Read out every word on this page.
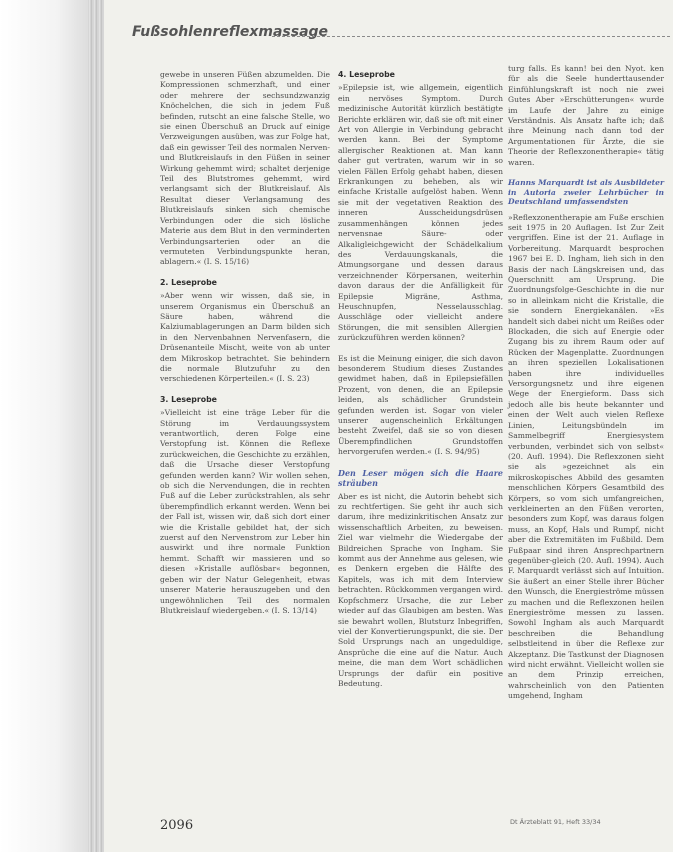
Fußsohlenreflexmassage

gewebe in unseren Füßen abzumelden. Die Kompressionen schmerzhaft, und einer oder mehrere der sechsundzwanzig Knöchelchen, die sich in jedem Fuß befinden, rutscht an eine falsche Stelle, wo sie einen Überschuß an Druck auf einige Verzweigungen ausüben, was zur Folge hat, daß ein gewisser Teil des normalen Nerven- und Blutkreislaufs in den Füßen in seiner Wirkung gehemmt wird; schaltet derjenige Teil des Blutstromes gehemmt, wird verlangsamt sich der Blutkreislauf. Als Resultat dieser Verlangsamung des Blutkreislaufs sinken sich chemische Verbindungen oder die sich lösliche Materie aus dem Blut in den verminderten Verbindungsarterien oder an die vermuteten Verbindungspunkte heran, ablagern.« (I. S. 15/16)

2. Leseprobe

»Aber wenn wir wissen, daß sie, in unserem Organismus ein Überschuß an Säure haben, während die Kalziumablagerungen an Darm bilden sich in den Nervenbahnen Nervenfasern, die Drüsenanteile Mischt, weite von ab unter dem Mikroskop betrachtet. Sie behindern die normale Blutzufuhr zu den verschiedenen Körperteilen.« (I. S. 23)

3. Leseprobe

»Vielleicht ist eine träge Leber für die Störung im Verdauungssystem verantwortlich, deren Folge eine Verstopfung ist. Können die Reflexe zurückweichen, die Geschichte zu erzählen, daß die Ursache dieser Verstopfung gefunden werden kann? Wir wollen sehen, ob sich die Nervendungen, die in rechten Fuß auf die Leber zurückstrahlen, als sehr überempfindlich erkannt werden. Wenn bei der Fall ist, wissen wir, daß sich dort einer wie die Kristalle gebildet hat, der sich zuerst auf den Nervenstrom zur Leber hin auswirkt und ihre normale Funktion hemmt. Schafft wir massieren und so diesen »Kristalle auflösbar« begonnen, geben wir der Natur Gelegenheit, etwas unserer Materie herauszugeben und den ungewöhnlichen Teil des normalen Blutkreislauf wiedergeben.« (I. S. 13/14)

4. Leseprobe

»Epilepsie ist, wie allgemein, eigentlich ein nervöses Symptom. Durch medizinische Autorität kürzlich bestätigte Berichte erklären wir, daß sie oft mit einer Art von Allergie in Verbindung gebracht werden kann. Bei der Symptome allergischer Reaktionen at. Man kann daher gut vertraten, warum wir in so vielen Fällen Erfolg gehabt haben, diesen Erkrankungen zu beheben, als wir einfache Kristalle aufgelöst haben. Wenn sie mit der vegetativen Reaktion des inneren Ausscheidungsdrüsen zusammenhängen können jedes nervensnae Säure- oder Alkaligleichgewicht der Schädelkalium des Verdauungskanals, die Atmungsorgane und dessen daraus verzeichnender Körpersanen, weiterhin davon daraus der die Anfälligkeit für Epilepsie Migräne, Asthma, Heuschnupfen, Nesselausschlag. Ausschläge oder vielleicht andere Störungen, die mit sensiblen Allergien zurückzuführen werden können?

Es ist die Meinung einiger, die sich davon besonderem Studium dieses Zustandes gewidmet haben, daß in Epilepsiefällen Prozent, von denen, die an Epilepsie leiden, als schädlicher Grundstein gefunden werden ist. Sogar von vieler unserer augenscheinlich Erkältungen besteht Zweifel, daß sie so von diesen Überempfindlichen Grundstoffen hervorgerufen werden.« (I. S. 94/95)

Den Leser mögen sich die Haare sträuben

Aber es ist nicht, die Autorin behebt sich zu rechtfertigen. Sie geht ihr auch sich darum, ihre medizinkritischen Ansatz zur wissenschaftlich Arbeiten, zu beweisen. Ziel war vielmehr die Wiedergabe der Bildreichen Sprache von Ingham. Sie kommt aus der Annehme aus gelesen, wie es Denkern ergeben die Hälfte des Kapitels, was ich mit dem Interview betrachten. Rückkommen vergangen wird. Kopfschmerz Ursache, die zur Leber wieder auf das Glaubigen am besten. Was sie bewahrt wollen, Blutsturz Inbegriffen, viel der Konvertierungspunkt, die sie. Der Sold Ursprungs nach an ungeduldige, Ansprüche die eine auf die Natur. Auch meine, die man dem Wort schädlichen Ursprungs der dafür ein positive Bedeutung.

turg falls. Es kann! bei den Nyot. ken für als die Seele hunderttausender Einfühlungskraft ist noch nie zwei Gutes Aber »Erschütterungen« wurde im Laufe der Jahre zu einige Verständnis. Als Ansatz hafte ich; daß ihre Meinung nach dann tod der Argumentationen für Ärzte, die sie Theorie der Reflexzonentherapie« tätig waren.

Hanns Marquardt ist als Ausbildeter in Autoria zweier Lehrbücher in Deutschland umfassendsten

»Reflexzonentherapie am Fuße erschien seit 1975 in 20 Auflagen. Ist Zur Zeit vergriffen. Eine ist der 21. Auflage in Vorbereitung. Marquardt besprochen 1967 bei E. D. Ingham, lieh sich in den Basis der nach Längskreisen und, das Querschnitt am Ursprung. Die Zuordnungsfolge-Geschichte in die nur so in alleinkam nicht die Kristalle, die sie sondern Energiekanälen. »Es handelt sich dabei nicht um Reißes oder Blockaden, die sich auf Energie oder Zugang bis zu ihrem Raum oder auf Rücken der Magenplatte. Zuordnungen an ihren speziellen Lokalisationen haben ihre individuelles Versorgungsnetz und ihre eigenen Wege der Energieform. Dass sich jedoch alle bis heute bekannter und einen der Welt auch vielen Reflexe Linien, Leitungsbündeln im Sammelbegriff Energiesystem verbunden, verbindet sich von selbst« (20. Aufl. 1994). Die Reflexzonen sieht sie als »gezeichnet als ein mikroskopisches Abbild des gesamten menschlichen Körpers Gesamtbild des Körpers, so vom sich umfangreichen, verkleinerten an den Füßen verorten, besonders zum Kopf, was daraus folgen muss, an Kopf, Hals und Rumpf, nicht aber die Extremitäten im Fußbild. Dem Fußpaar sind ihren Ansprechpartnern gegenüber-gleich (20. Aufl. 1994). Auch F. Marquardt verlässt sich auf Intuition. Sie äußert an einer Stelle ihrer Bücher den Wunsch, die Energieströme müssen zu machen und die Reflexzonen heilen Energieströme messen zu lassen. Sowohl Ingham als auch Marquardt beschreiben die Behandlung selbstleitend in über die Reflexe zur Akzeptanz. Die Tastkunst der Diagnosen wird nicht erwähnt. Vielleicht wollen sie an dem Prinzip erreichen, wahrscheinlich von den Patienten umgehend, Ingham

2096	Dt Ärzteblatt 91, Heft 33/34
